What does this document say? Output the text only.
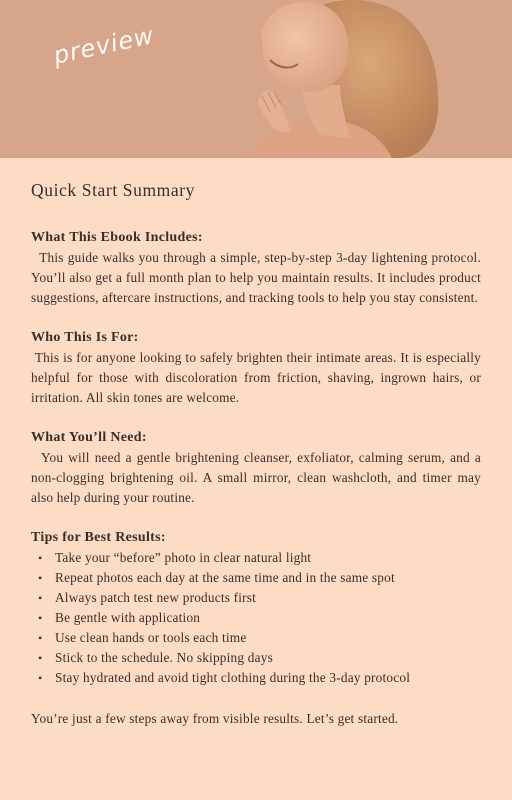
preview
Quick Start Summary

What This Ebook Includes:

This guide walks you through a simple, step-by-step 3-day lightening protocol. You’ll also get a full month plan to help you maintain results. It includes product suggestions, aftercare instructions, and tracking tools to help you stay consistent.

Who This Is For:

This is for anyone looking to safely brighten their intimate areas. It is especially helpful for those with discoloration from friction, shaving, ingrown hairs, or irritation. All skin tones are welcome.

What You’ll Need:

You will need a gentle brightening cleanser, exfoliator, calming serum, and a non-clogging brightening oil. A small mirror, clean washcloth, and timer may also help during your routine.

Tips for Best Results:

• Take your “before” photo in clear natural light
• Repeat photos each day at the same time and in the same spot
• Always patch test new products first
• Be gentle with application
• Use clean hands or tools each time
• Stick to the schedule. No skipping days
• Stay hydrated and avoid tight clothing during the 3-day protocol

You’re just a few steps away from visible results. Let’s get started.
